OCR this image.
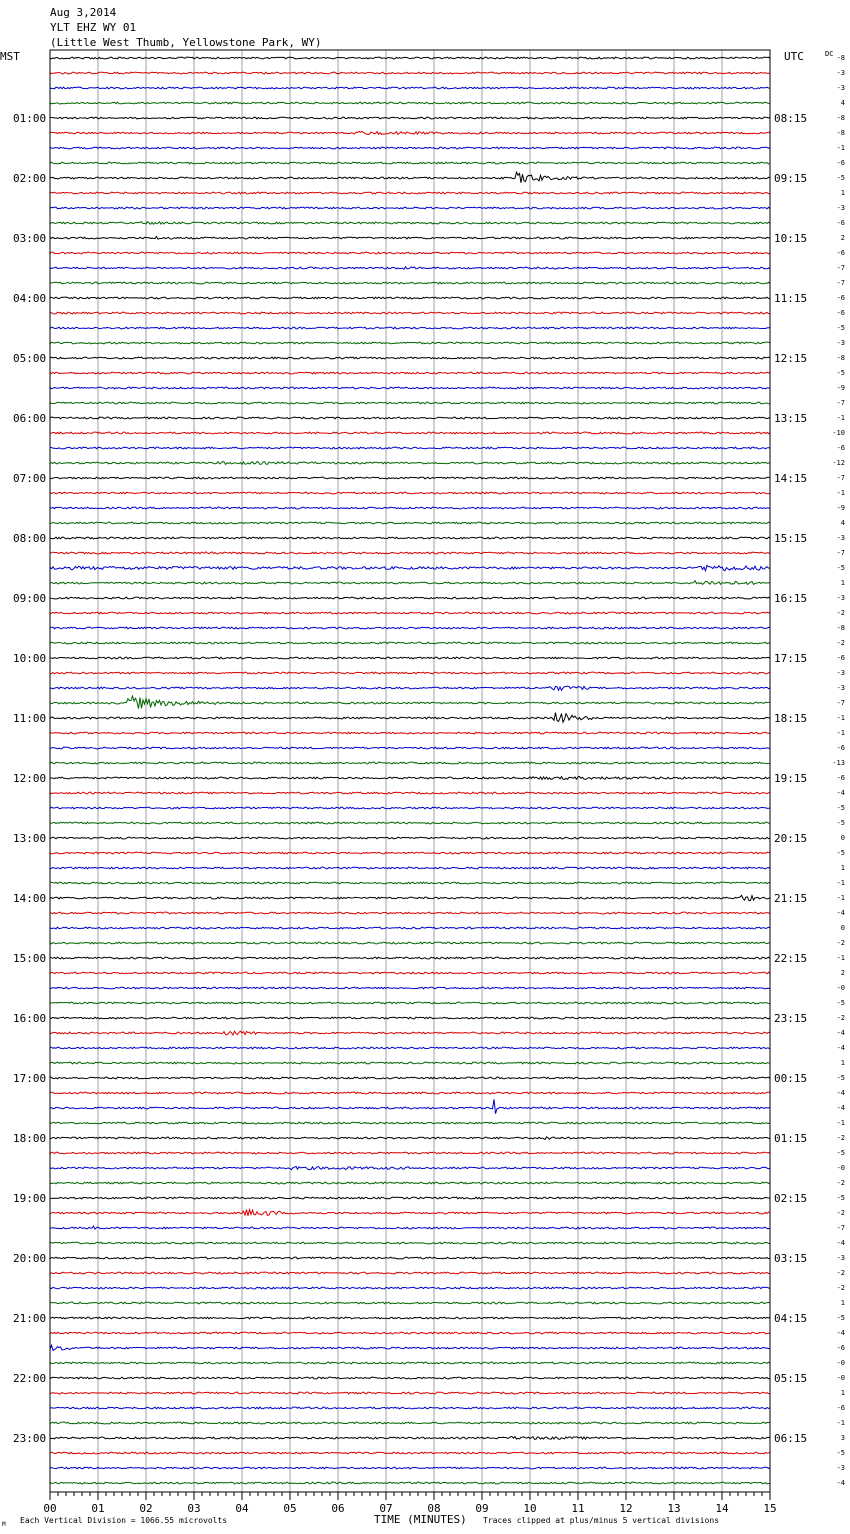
Aug 3,2014
YLT EHZ WY 01
(Little West Thumb, Yellowstone Park, WY)
00	01	02	03	04	05	06	07	08	09	10	11	12	13	14	15
01:00
02:00
03:00
04:00
05:00
06:00
07:00
08:00
09:00
10:00
11:00
12:00
13:00
14:00
15:00
16:00
17:00
18:00
19:00
20:00
21:00
22:00
23:00
08:15
09:15
10:15
11:15
12:15
13:15
14:15
15:15
16:15
17:15
18:15
19:15
20:15
21:15
22:15
23:15
00:15
01:15
02:15
03:15
04:15
05:15
06:15
-8
-3
-3
4
-8
-8
-1
-6
-5
1
-3
-6
2
-6
-7
-7
-6
-6
-5
-3
-8
-5
-9
-7
-1
-10
-6
-12
-7
-1
-9
4
-3
-7
-5
1
-3
-2
-8
-2
-6
-3
-3
-7
-1
-1
-6
-13
-6
-4
-5
-5
0
-5
1
-1
-1
-4
0
-2
-1
2
-0
-5
-2
-4
-4
1
-5
-4
-4
-1
-2
-5
-0
-2
-5
-2
-7
-4
-3
-2
-2
1
-5
-4
-6
-0
-0
1
-6
-1
3
-5
-3
-4
MST	UTC	DC
M Each Vertical Division = 1066.55 microvolts	TIME (MINUTES) Traces clipped at plus/minus 5 vertical divisions
